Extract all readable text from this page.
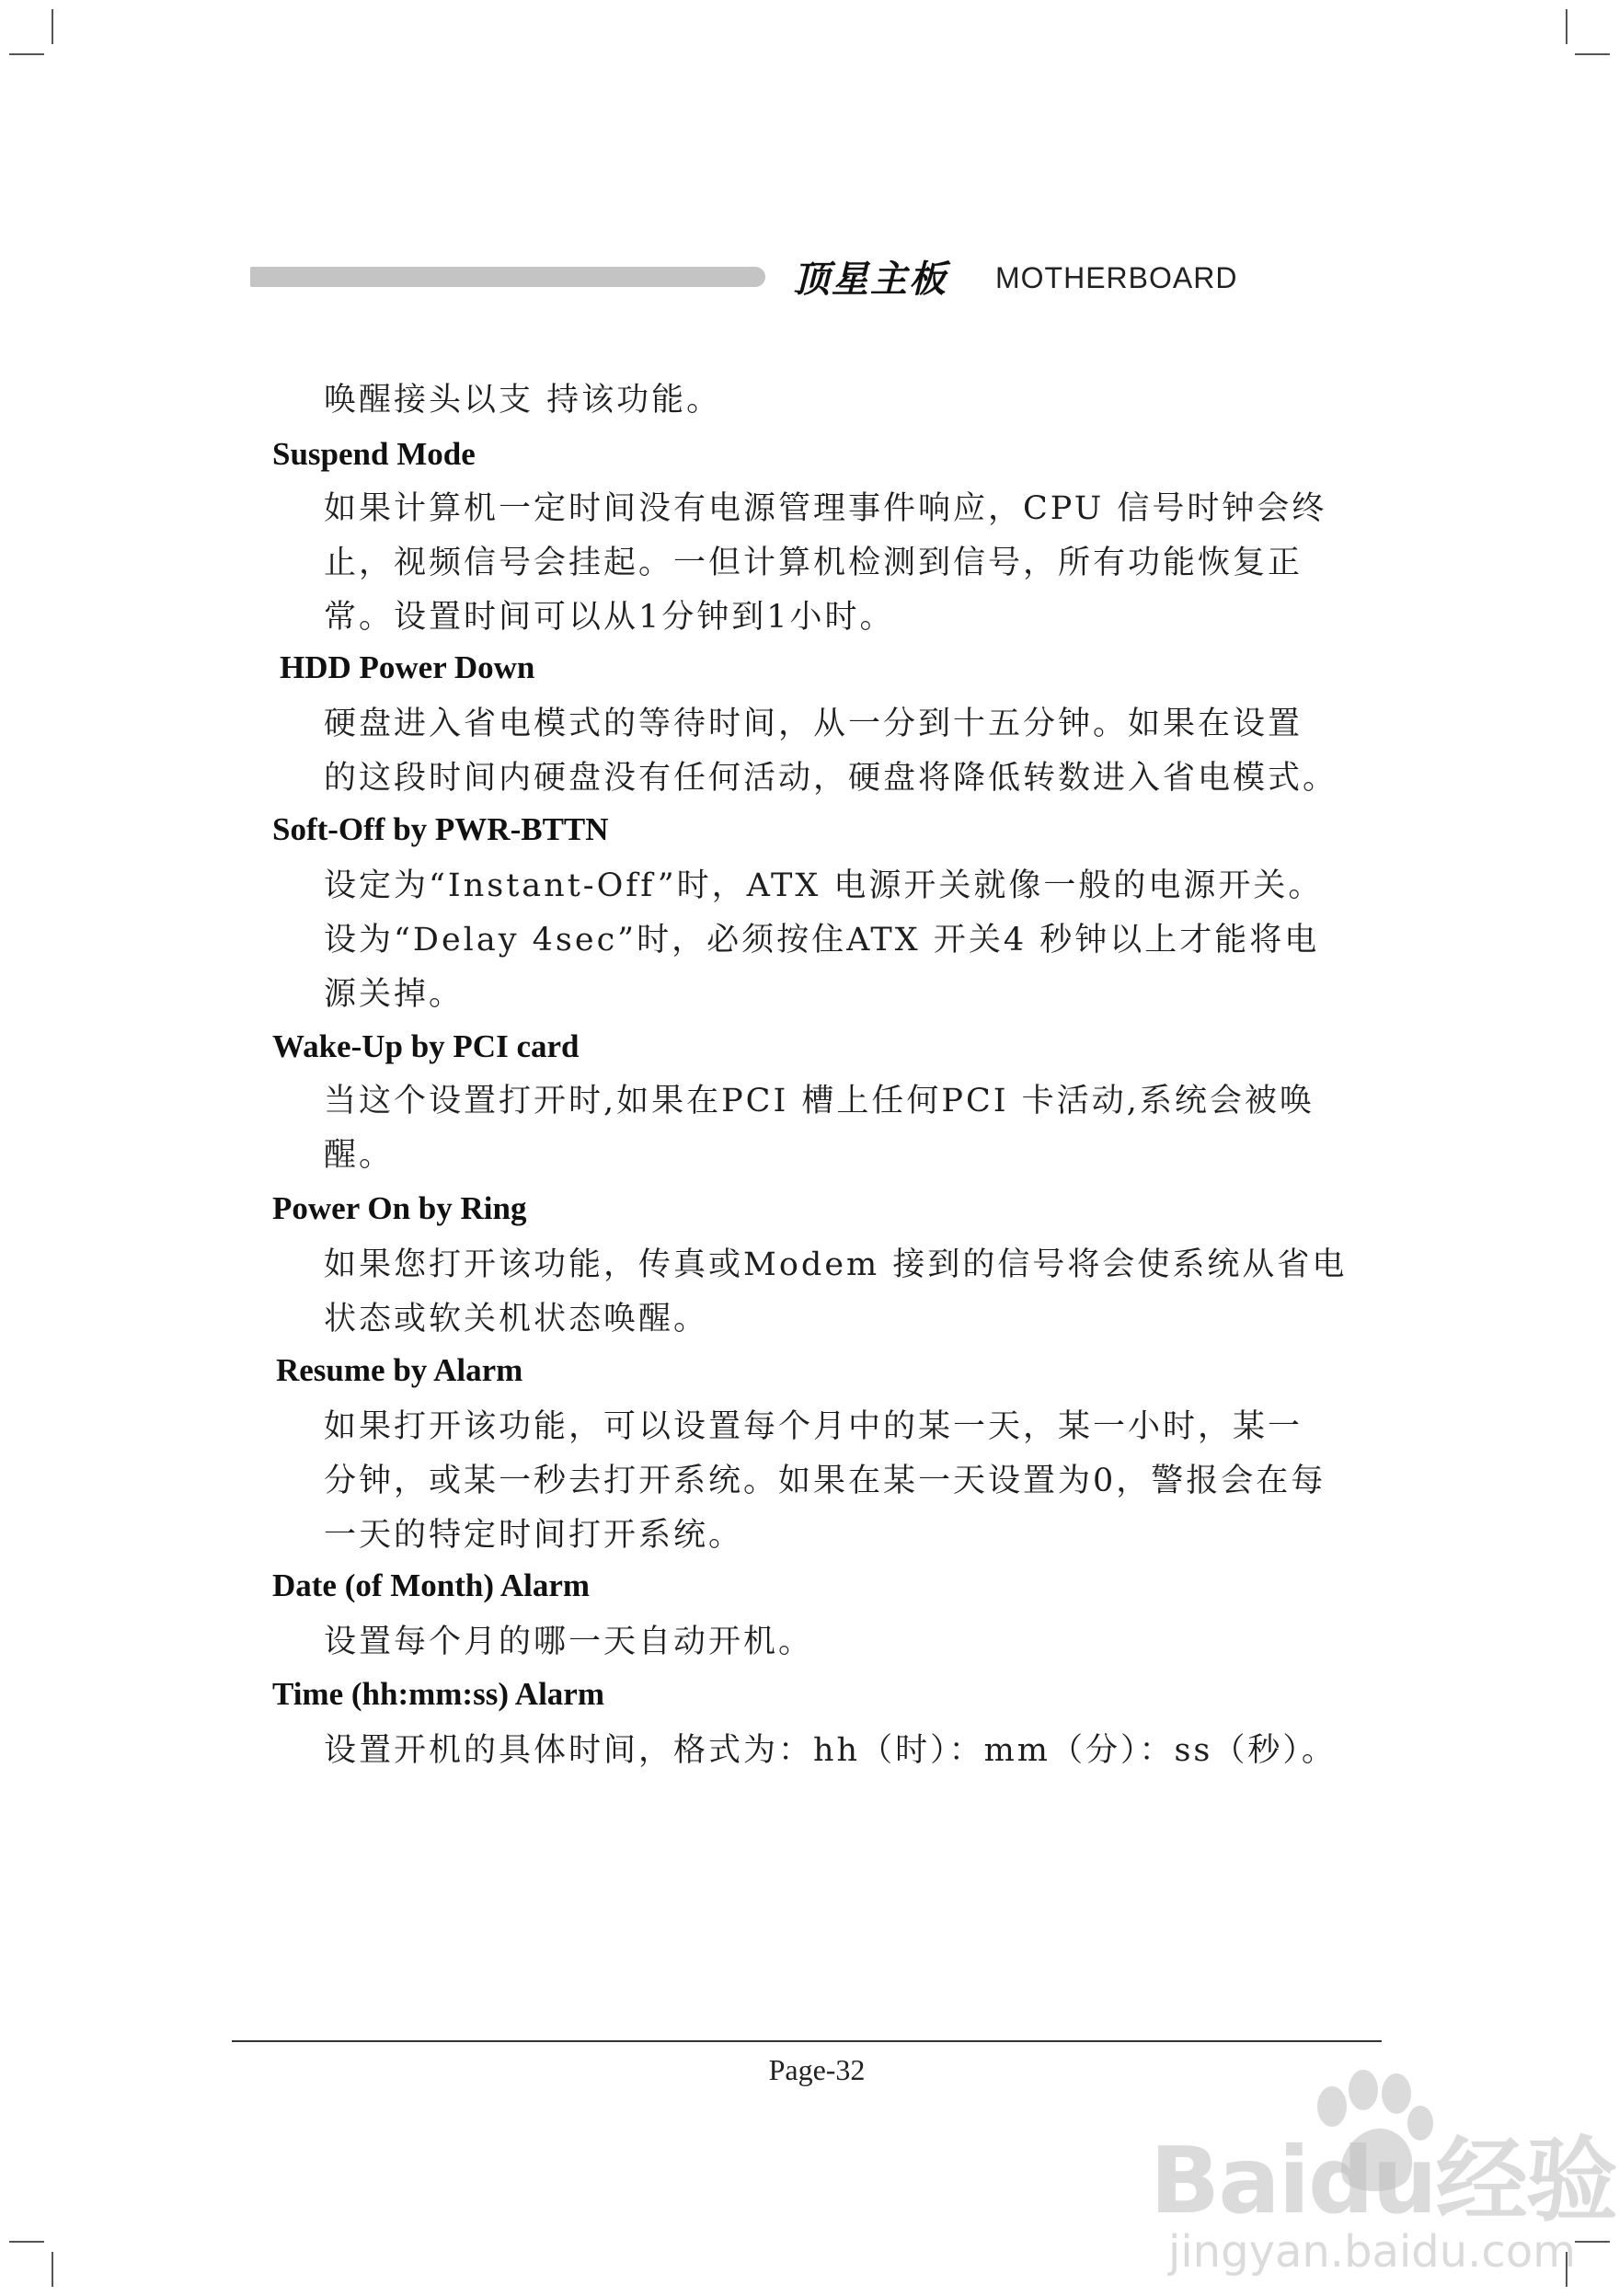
顶星主板 MOTHERBOARD
唤醒接头以支 持该功能。
Suspend Mode
如果计算机一定时间没有电源管理事件响应，CPU 信号时钟会终
止，视频信号会挂起。一但计算机检测到信号，所有功能恢复正
常。设置时间可以从1分钟到1小时。
HDD Power Down
硬盘进入省电模式的等待时间，从一分到十五分钟。如果在设置
的这段时间内硬盘没有任何活动，硬盘将降低转数进入省电模式。
Soft-Off by PWR-BTTN
设定为“Instant-Off”时，ATX 电源开关就像一般的电源开关。
设为“Delay 4sec”时，必须按住ATX 开关4 秒钟以上才能将电
源关掉。
Wake-Up by PCI card
当这个设置打开时,如果在PCI 槽上任何PCI 卡活动,系统会被唤
醒。
Power On by Ring
如果您打开该功能，传真或Modem 接到的信号将会使系统从省电
状态或软关机状态唤醒。
Resume by Alarm
如果打开该功能，可以设置每个月中的某一天，某一小时，某一
分钟，或某一秒去打开系统。如果在某一天设置为0，警报会在每
一天的特定时间打开系统。
Date (of Month) Alarm
设置每个月的哪一天自动开机。
Time (hh:mm:ss) Alarm
设置开机的具体时间，格式为：hh（时）：mm（分）：ss（秒）。
Page-32
Baidu经验
jingyan.baidu.com
